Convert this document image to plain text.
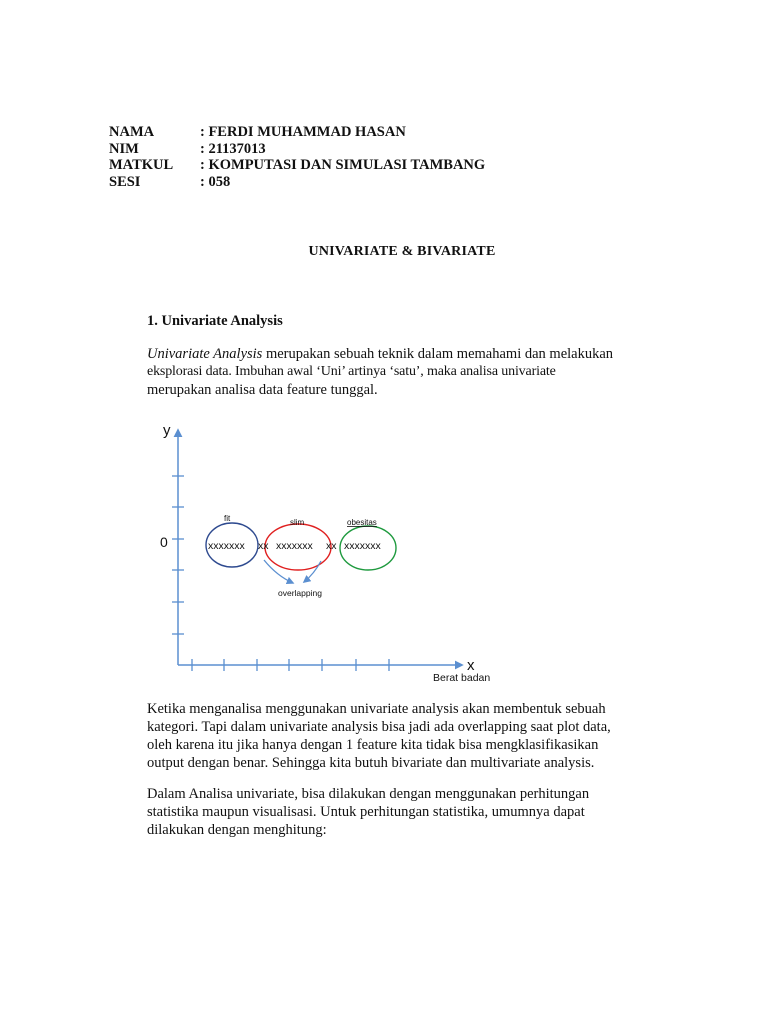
NAMA	: FERDI MUHAMMAD HASAN
NIM	: 21137013
MATKUL : KOMPUTASI DAN SIMULASI TAMBANG
SESI	: 058
UNIVARIATE & BIVARIATE
1. Univariate Analysis
Univariate Analysis merupakan sebuah teknik dalam memahami dan melakukan
eksplorasi data. Imbuhan awal ‘Uni’ artinya ‘satu’, maka analisa univariate
merupakan analisa data feature tunggal.
y
0
x
Berat badan
fit	slim	obesitas
xxxxxxx xx xxxxxxx xx xxxxxxx
overlapping
Ketika menganalisa menggunakan univariate analysis akan membentuk sebuah
kategori. Tapi dalam univariate analysis bisa jadi ada overlapping saat plot data,
oleh karena itu jika hanya dengan 1 feature kita tidak bisa mengklasifikasikan
output dengan benar. Sehingga kita butuh bivariate dan multivariate analysis.
Dalam Analisa univariate, bisa dilakukan dengan menggunakan perhitungan
statistika maupun visualisasi. Untuk perhitungan statistika, umumnya dapat
dilakukan dengan menghitung:
